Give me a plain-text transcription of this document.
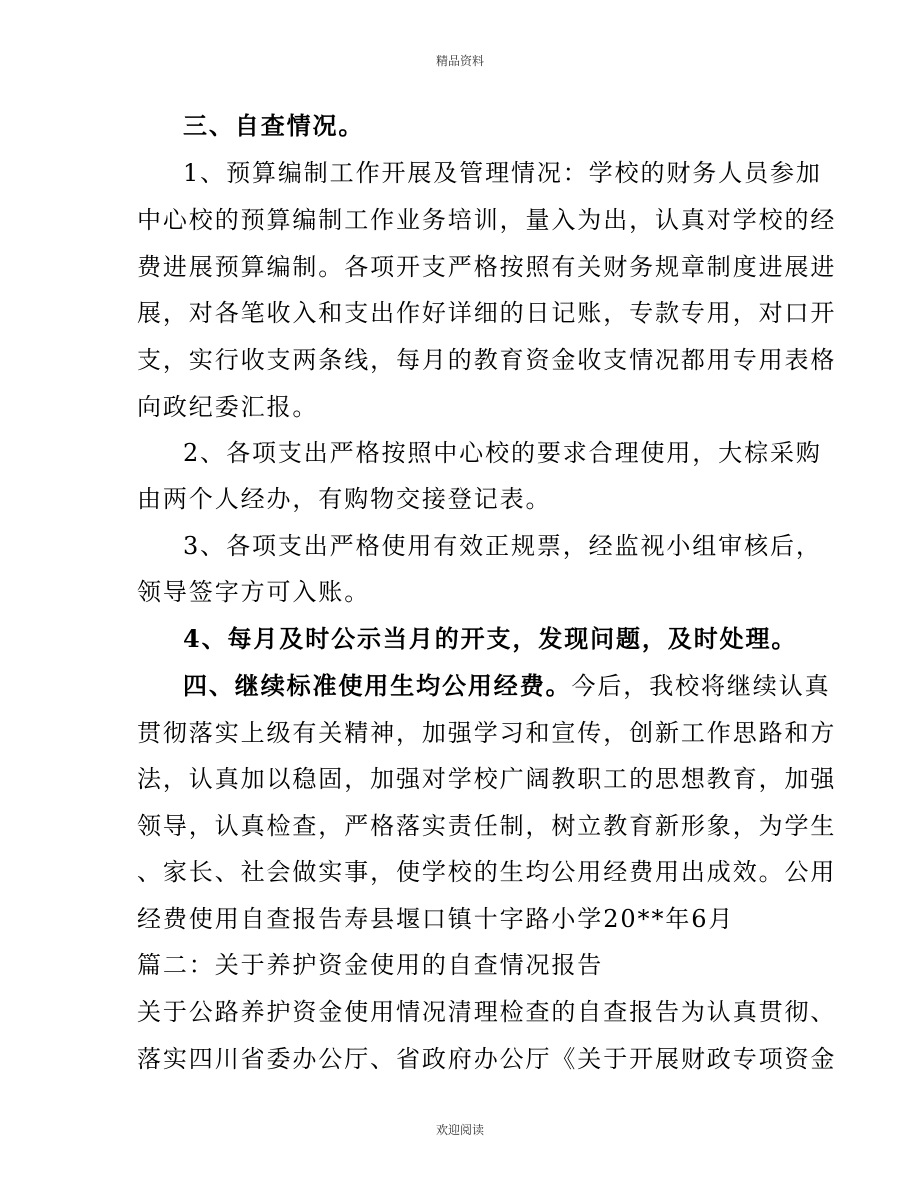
精品资料
三、自查情况。
1、预算编制工作开展及管理情况：学校的财务人员参加
中心校的预算编制工作业务培训，量入为出，认真对学校的经
费进展预算编制。各项开支严格按照有关财务规章制度进展进
展，对各笔收入和支出作好详细的日记账，专款专用，对口开
支，实行收支两条线，每月的教育资金收支情况都用专用表格
向政纪委汇报。
2、各项支出严格按照中心校的要求合理使用，大棕采购
由两个人经办，有购物交接登记表。
3、各项支出严格使用有效正规票，经监视小组审核后，
领导签字方可入账。
4、每月及时公示当月的开支，发现问题，及时处理。
四、继续标准使用生均公用经费。今后，我校将继续认真
贯彻落实上级有关精神，加强学习和宣传，创新工作思路和方
法，认真加以稳固，加强对学校广阔教职工的思想教育，加强
领导，认真检查，严格落实责任制，树立教育新形象，为学生
、家长、社会做实事，使学校的生均公用经费用出成效。公用
经费使用自查报告寿县堰口镇十字路小学20**年6月
篇二：关于养护资金使用的自查情况报告
关于公路养护资金使用情况清理检查的自查报告为认真贯彻、
落实四川省委办公厅、省政府办公厅《关于开展财政专项资金
欢迎阅读
